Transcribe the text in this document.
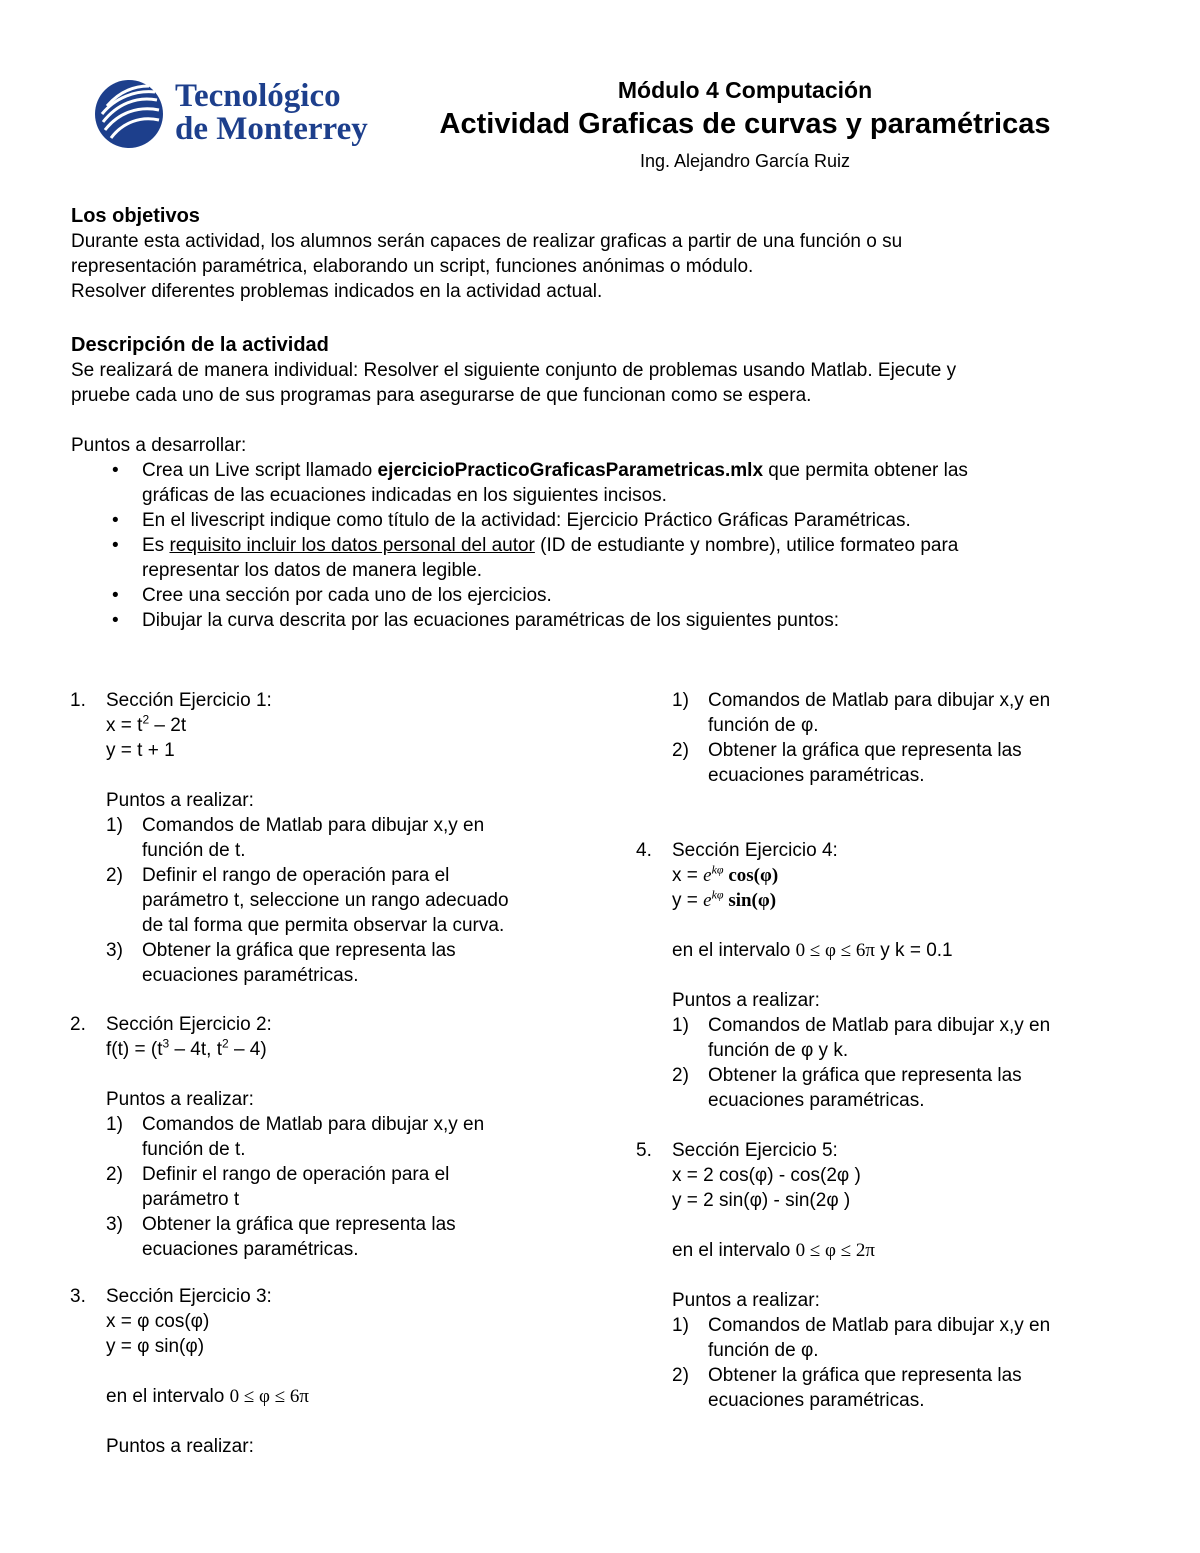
Tecnológico
de Monterrey
Módulo 4 Computación
Actividad Graficas de curvas y paramétricas
Ing. Alejandro García Ruiz
Los objetivos
Durante esta actividad, los alumnos serán capaces de realizar graficas a partir de una función o su
representación paramétrica, elaborando un script, funciones anónimas o módulo.
Resolver diferentes problemas indicados en la actividad actual.
Descripción de la actividad
Se realizará de manera individual: Resolver el siguiente conjunto de problemas usando Matlab. Ejecute y
pruebe cada uno de sus programas para asegurarse de que funcionan como se espera.
Puntos a desarrollar:
• Crea un Live script llamado ejercicioPracticoGraficasParametricas.mlx que permita obtener las
gráficas de las ecuaciones indicadas en los siguientes incisos.
• En el livescript indique como título de la actividad: Ejercicio Práctico Gráficas Paramétricas.
• Es requisito incluir los datos personal del autor (ID de estudiante y nombre), utilice formateo para
representar los datos de manera legible.
• Cree una sección por cada uno de los ejercicios.
• Dibujar la curva descrita por las ecuaciones paramétricas de los siguientes puntos:
1. Sección Ejercicio 1:
$x = t^2 - 2t$
y = t + 1
Puntos a realizar:
1) Comandos de Matlab para dibujar x,y en
función de t.
2) Definir el rango de operación para el
parámetro t, seleccione un rango adecuado
de tal forma que permita observar la curva.
3) Obtener la gráfica que representa las
ecuaciones paramétricas.
2. Sección Ejercicio 2:
$f(t) = (t^3 - 4t$, $t^2 - 4$)
Puntos a realizar:
1) Comandos de Matlab para dibujar x,y en
función de t.
2) Definir el rango de operación para el
parámetro t
3) Obtener la gráfica que representa las
ecuaciones paramétricas.
3. Sección Ejercicio 3:
x = φ cos(φ)
y = φ sin(φ)
en el intervalo 0 ≤ φ ≤ 6π
Puntos a realizar:
1) Comandos de Matlab para dibujar x,y en
función de φ.
2) Obtener la gráfica que representa las
ecuaciones paramétricas.
4. Sección Ejercicio 4:
$x = e^{k\varphi}$ cos(φ)
$y = e^{k\varphi}$ sin(φ)
en el intervalo 0 ≤ φ ≤ 6π y k = 0.1
Puntos a realizar:
1) Comandos de Matlab para dibujar x,y en
función de φ y k.
2) Obtener la gráfica que representa las
ecuaciones paramétricas.
5. Sección Ejercicio 5:
x = 2 cos(φ) - cos(2φ )
y = 2 sin(φ) - sin(2φ )
en el intervalo 0 ≤ φ ≤ 2π
Puntos a realizar:
1) Comandos de Matlab para dibujar x,y en
función de φ.
2) Obtener la gráfica que representa las
ecuaciones paramétricas.
